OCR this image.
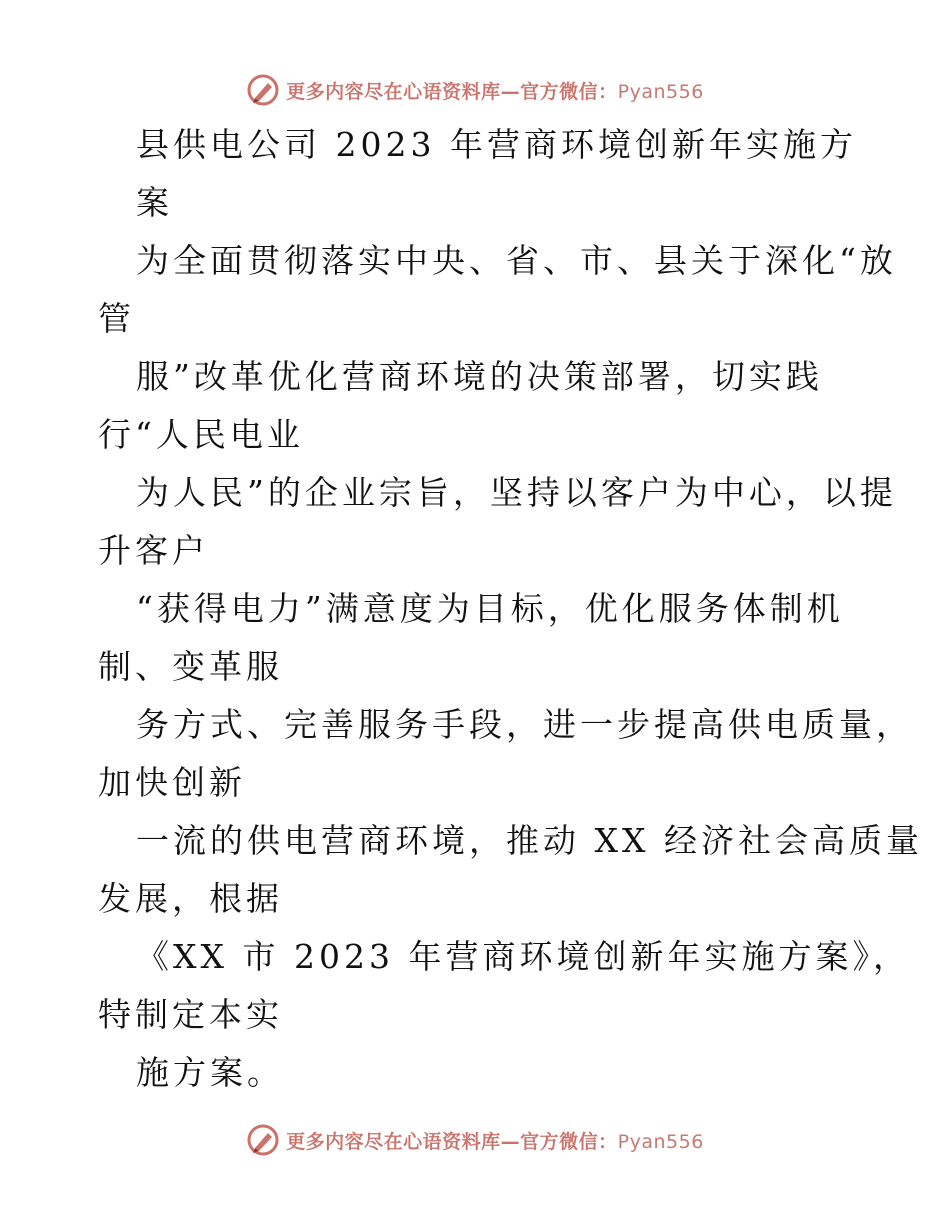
更多内容尽在心语资料库—官方微信：Pyan556
县供电公司 2023 年营商环境创新年实施方
案
为全面贯彻落实中央、省、市、县关于深化“放
管
服”改革优化营商环境的决策部署，切实践
行“人民电业
为人民”的企业宗旨，坚持以客户为中心，以提
升客户
“获得电力”满意度为目标，优化服务体制机
制、变革服
务方式、完善服务手段，进一步提高供电质量，
加快创新
一流的供电营商环境，推动 XX 经济社会高质量
发展，根据
《XX 市 2023 年营商环境创新年实施方案》，
特制定本实
施方案。
更多内容尽在心语资料库—官方微信：Pyan556
